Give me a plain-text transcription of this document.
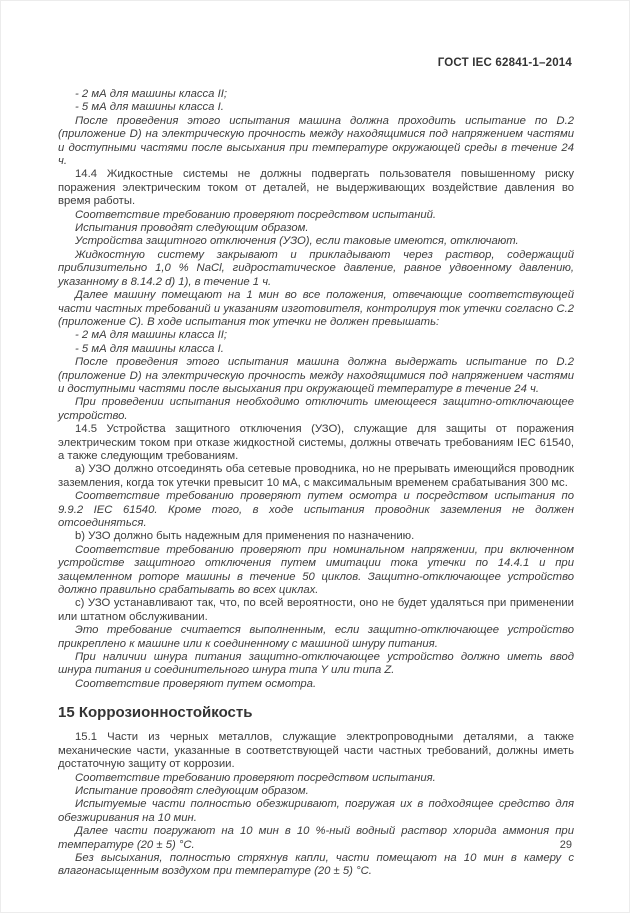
ГОСТ IEC 62841-1–2014

- 2 мА для машины класса II;

- 5 мА для машины класса I.

После проведения этого испытания машина должна проходить испытание по D.2 (приложение D) на электрическую прочность между находящимися под напряжением частями и доступными частями после высыхания при температуре окружающей среды в течение 24 ч.

14.4 Жидкостные системы не должны подвергать пользователя повышенному риску поражения электрическим током от деталей, не выдерживающих воздействие давления во время работы.

Соответствие требованию проверяют посредством испытаний.

Испытания проводят следующим образом.

Устройства защитного отключения (УЗО), если таковые имеются, отключают.

Жидкостную систему закрывают и прикладывают через раствор, содержащий приблизительно 1,0 % NaCl, гидростатическое давление, равное удвоенному давлению, указанному в 8.14.2 d) 1), в течение 1 ч.

Далее машину помещают на 1 мин во все положения, отвечающие соответствующей части частных требований и указаниям изготовителя, контролируя ток утечки согласно C.2 (приложение C). В ходе испытания ток утечки не должен превышать:

- 2 мА для машины класса II;

- 5 мА для машины класса I.

После проведения этого испытания машина должна выдержать испытание по D.2 (приложение D) на электрическую прочность между находящимися под напряжением частями и доступными частями после высыхания при окружающей температуре в течение 24 ч.

При проведении испытания необходимо отключить имеющееся защитно-отключающее устройство.

14.5 Устройства защитного отключения (УЗО), служащие для защиты от поражения электрическим током при отказе жидкостной системы, должны отвечать требованиям IEC 61540, а также следующим требованиям.

a) УЗО должно отсоединять оба сетевые проводника, но не прерывать имеющийся проводник заземления, когда ток утечки превысит 10 мА, с максимальным временем срабатывания 300 мс.

Соответствие требованию проверяют путем осмотра и посредством испытания по 9.9.2 IEC 61540. Кроме того, в ходе испытания проводник заземления не должен отсоединяться.

b) УЗО должно быть надежным для применения по назначению.

Соответствие требованию проверяют при номинальном напряжении, при включенном устройстве защитного отключения путем имитации тока утечки по 14.4.1 и при защемленном роторе машины в течение 50 циклов. Защитно-отключающее устройство должно правильно срабатывать во всех циклах.

c) УЗО устанавливают так, что, по всей вероятности, оно не будет удаляться при применении или штатном обслуживании.

Это требование считается выполненным, если защитно-отключающее устройство прикреплено к машине или к соединенному с машиной шнуру питания.

При наличии шнура питания защитно-отключающее устройство должно иметь ввод шнура питания и соединительного шнура типа Y или типа Z.

Соответствие проверяют путем осмотра.

15 Коррозионностойкость

15.1 Части из черных металлов, служащие электропроводными деталями, а также механические части, указанные в соответствующей части частных требований, должны иметь достаточную защиту от коррозии.

Соответствие требованию проверяют посредством испытания.

Испытание проводят следующим образом.

Испытуемые части полностью обезжиривают, погружая их в подходящее средство для обезжиривания на 10 мин.

Далее части погружают на 10 мин в 10 %-ный водный раствор хлорида аммония при температуре (20 ± 5) °C.

Без высыхания, полностью стряхнув капли, части помещают на 10 мин в камеру с влагонасыщенным воздухом при температуре (20 ± 5) °C.

29
